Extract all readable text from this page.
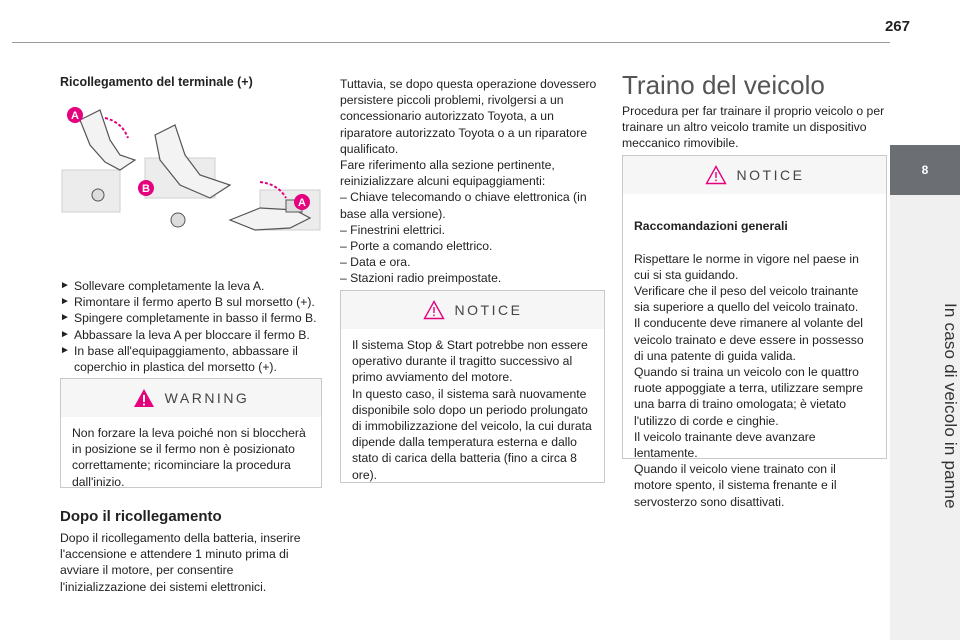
267
8
In caso di veicolo in panne
Ricollegamento del terminale (+)
A
B
A
► Sollevare completamente la leva A.
► Rimontare il fermo aperto B sul morsetto (+).
► Spingere completamente in basso il fermo B.
► Abbassare la leva A per bloccare il fermo B.
► In base all'equipaggiamento, abbassare il coperchio in plastica del morsetto (+).
WARNING
Non forzare la leva poiché non si bloccherà in posizione se il fermo non è posizionato correttamente; ricominciare la procedura dall'inizio.
Dopo il ricollegamento
Dopo il ricollegamento della batteria, inserire l'accensione e attendere 1 minuto prima di avviare il motore, per consentire l'inizializzazione dei sistemi elettronici.
Tuttavia, se dopo questa operazione dovessero persistere piccoli problemi, rivolgersi a un concessionario autorizzato Toyota, a un riparatore autorizzato Toyota o a un riparatore qualificato.
Fare riferimento alla sezione pertinente, reinizializzare alcuni equipaggiamenti:
– Chiave telecomando o chiave elettronica (in base alla versione).
– Finestrini elettrici.
– Porte a comando elettrico.
– Data e ora.
– Stazioni radio preimpostate.
NOTICE
Il sistema Stop & Start potrebbe non essere operativo durante il tragitto successivo al primo avviamento del motore.
In questo caso, il sistema sarà nuovamente disponibile solo dopo un periodo prolungato di immobilizzazione del veicolo, la cui durata dipende dalla temperatura esterna e dallo stato di carica della batteria (fino a circa 8 ore).
Traino del veicolo
Procedura per far trainare il proprio veicolo o per trainare un altro veicolo tramite un dispositivo meccanico rimovibile.
NOTICE

Raccomandazioni generali

Rispettare le norme in vigore nel paese in cui si sta guidando.
Verificare che il peso del veicolo trainante sia superiore a quello del veicolo trainato.
Il conducente deve rimanere al volante del veicolo trainato e deve essere in possesso di una patente di guida valida.
Quando si traina un veicolo con le quattro ruote appoggiate a terra, utilizzare sempre una barra di traino omologata; è vietato l'utilizzo di corde e cinghie.
Il veicolo trainante deve avanzare lentamente.
Quando il veicolo viene trainato con il motore spento, il sistema frenante e il servosterzo sono disattivati.
